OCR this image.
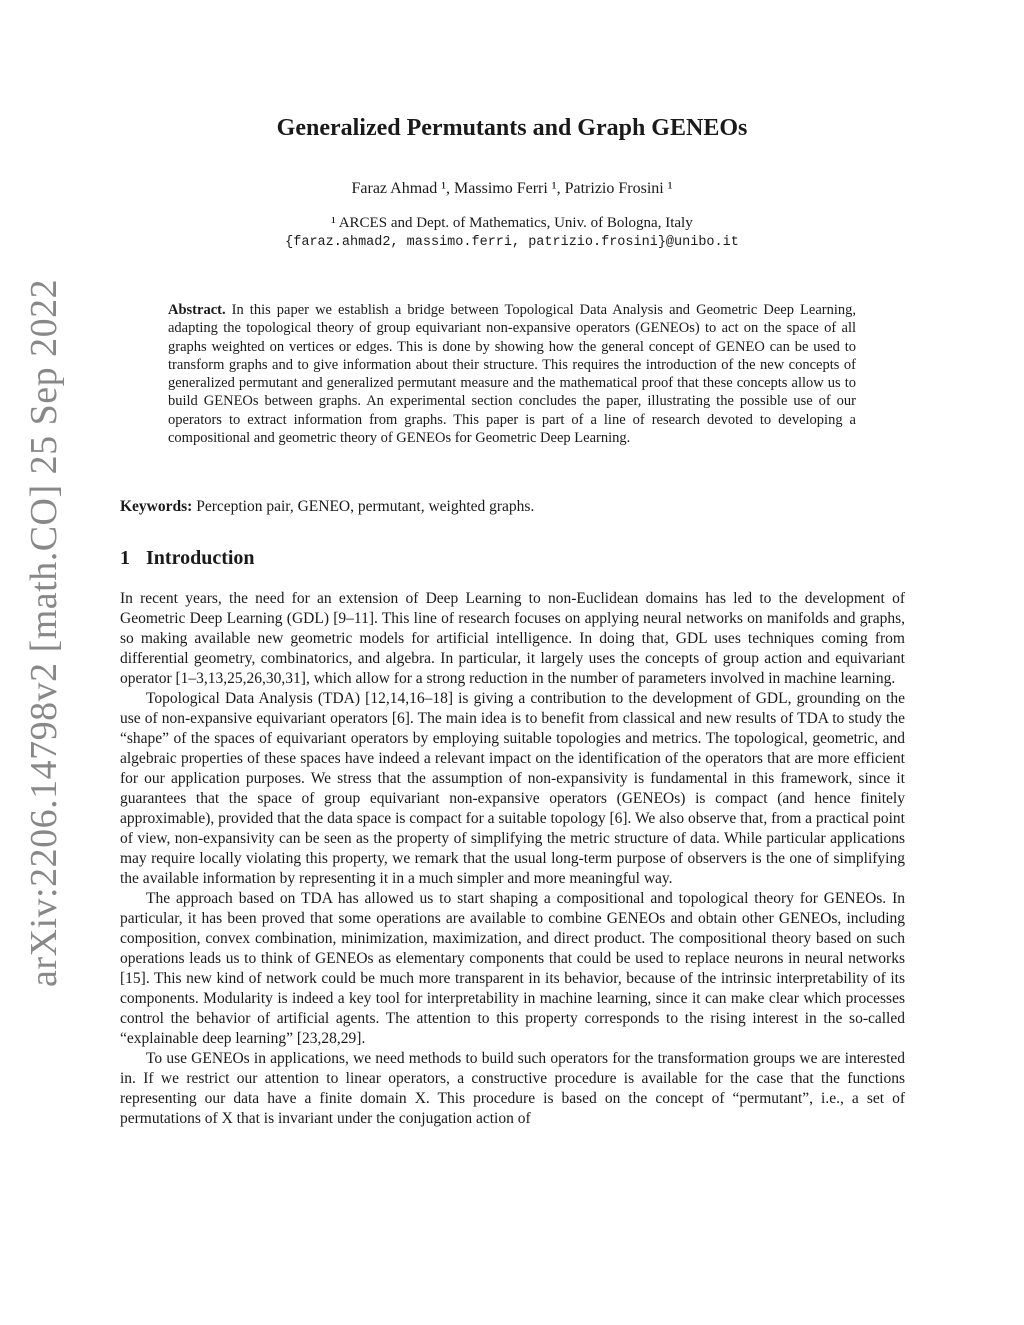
arXiv:2206.14798v2 [math.CO] 25 Sep 2022
Generalized Permutants and Graph GENEOs
Faraz Ahmad ¹, Massimo Ferri ¹, Patrizio Frosini ¹
¹ ARCES and Dept. of Mathematics, Univ. of Bologna, Italy
{faraz.ahmad2, massimo.ferri, patrizio.frosini}@unibo.it
Abstract. In this paper we establish a bridge between Topological Data Analysis and Geometric Deep Learning, adapting the topological theory of group equivariant non-expansive operators (GENEOs) to act on the space of all graphs weighted on vertices or edges. This is done by showing how the general concept of GENEO can be used to transform graphs and to give information about their structure. This requires the introduction of the new concepts of generalized permutant and generalized permutant measure and the mathematical proof that these concepts allow us to build GENEOs between graphs. An experimental section concludes the paper, illustrating the possible use of our operators to extract information from graphs. This paper is part of a line of research devoted to developing a compositional and geometric theory of GENEOs for Geometric Deep Learning.
Keywords: Perception pair, GENEO, permutant, weighted graphs.
1 Introduction

In recent years, the need for an extension of Deep Learning to non-Euclidean domains has led to the development of Geometric Deep Learning (GDL) [9–11]. This line of research focuses on applying neural networks on manifolds and graphs, so making available new geometric models for artificial intelligence. In doing that, GDL uses techniques coming from differential geometry, combinatorics, and algebra. In particular, it largely uses the concepts of group action and equivariant operator [1–3,13,25,26,30,31], which allow for a strong reduction in the number of parameters involved in machine learning.

Topological Data Analysis (TDA) [12,14,16–18] is giving a contribution to the development of GDL, grounding on the use of non-expansive equivariant operators [6]. The main idea is to benefit from classical and new results of TDA to study the “shape” of the spaces of equivariant operators by employing suitable topologies and metrics. The topological, geometric, and algebraic properties of these spaces have indeed a relevant impact on the identification of the operators that are more efficient for our application purposes. We stress that the assumption of non-expansivity is fundamental in this framework, since it guarantees that the space of group equivariant non-expansive operators (GENEOs) is compact (and hence finitely approximable), provided that the data space is compact for a suitable topology [6]. We also observe that, from a practical point of view, non-expansivity can be seen as the property of simplifying the metric structure of data. While particular applications may require locally violating this property, we remark that the usual long-term purpose of observers is the one of simplifying the available information by representing it in a much simpler and more meaningful way.

The approach based on TDA has allowed us to start shaping a compositional and topological theory for GENEOs. In particular, it has been proved that some operations are available to combine GENEOs and obtain other GENEOs, including composition, convex combination, minimization, maximization, and direct product. The compositional theory based on such operations leads us to think of GENEOs as elementary components that could be used to replace neurons in neural networks [15]. This new kind of network could be much more transparent in its behavior, because of the intrinsic interpretability of its components. Modularity is indeed a key tool for interpretability in machine learning, since it can make clear which processes control the behavior of artificial agents. The attention to this property corresponds to the rising interest in the so-called “explainable deep learning” [23,28,29].

To use GENEOs in applications, we need methods to build such operators for the transformation groups we are interested in. If we restrict our attention to linear operators, a constructive procedure is available for the case that the functions representing our data have a finite domain X. This procedure is based on the concept of “permutant”, i.e., a set of permutations of X that is invariant under the conjugation action of
